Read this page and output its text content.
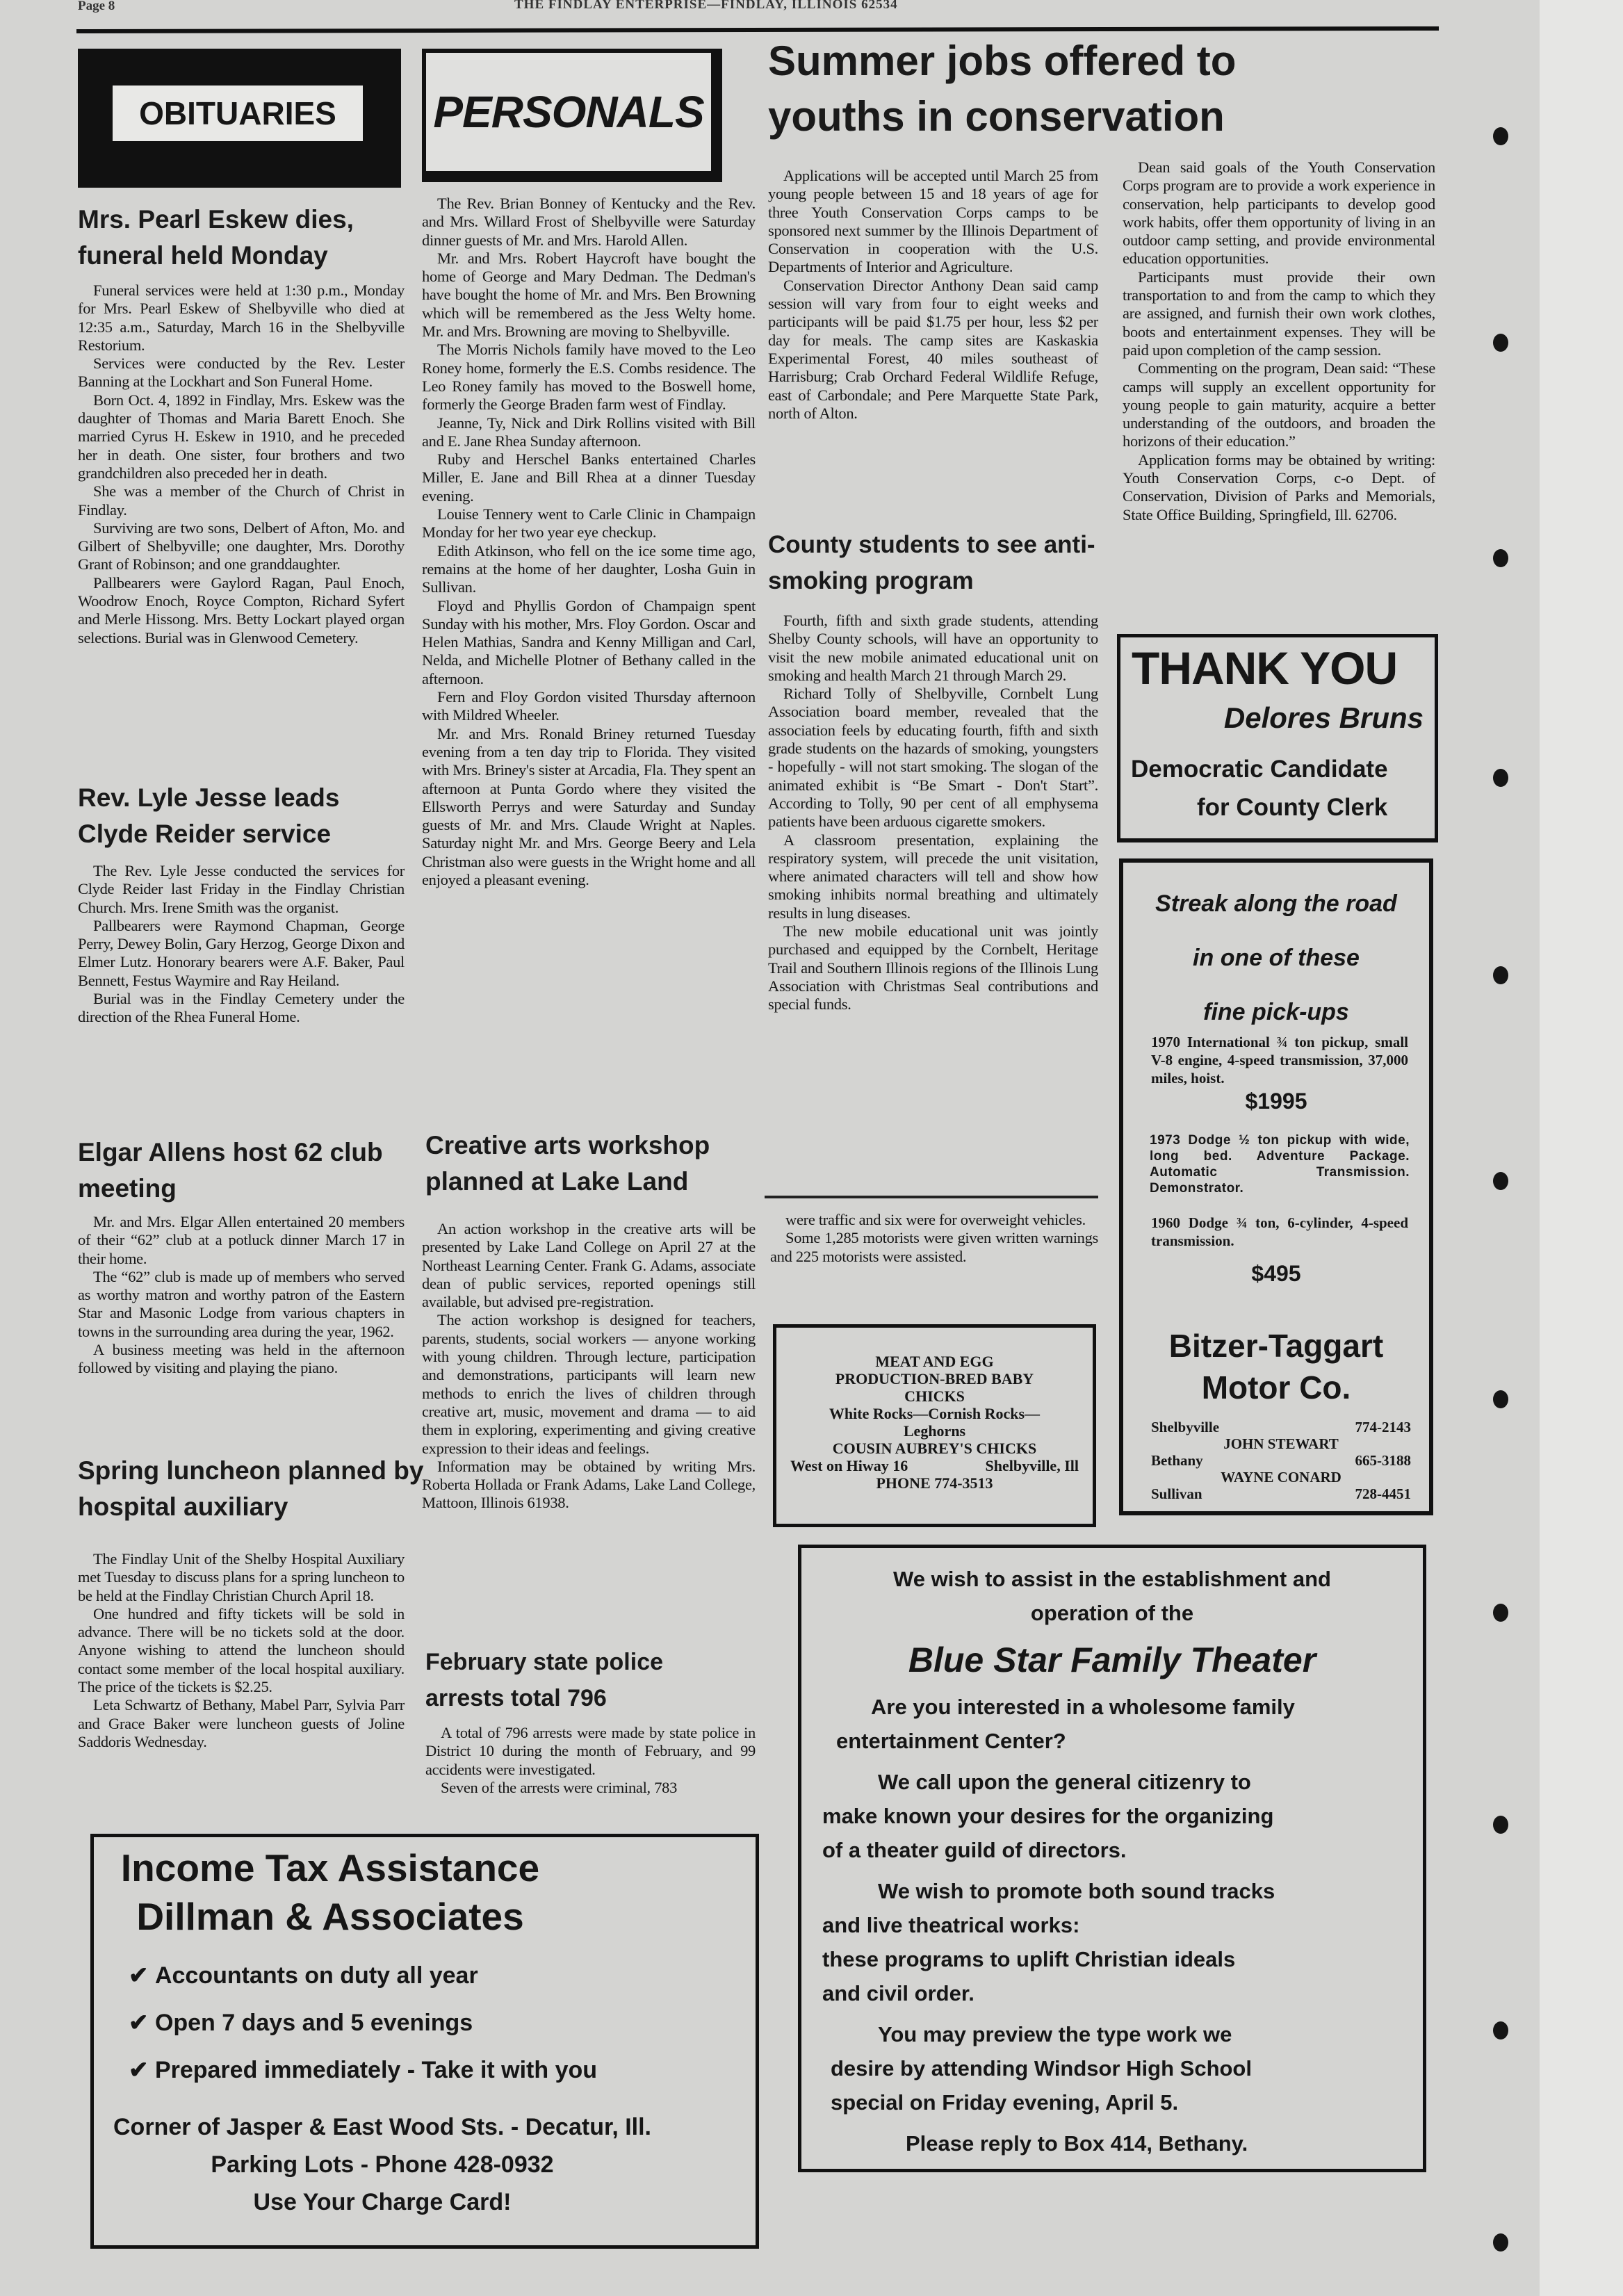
Page 8	THE FINDLAY ENTERPRISE—FINDLAY, ILLINOIS 62534
OBITUARIES	PERSONALS
Mrs. Pearl Eskew dies, funeral held Monday

Funeral services were held at 1:30 p.m., Monday for Mrs. Pearl Eskew of Shelbyville who died at 12:35 a.m., Saturday, March 16 in the Shelbyville Restorium.

Services were conducted by the Rev. Lester Banning at the Lockhart and Son Funeral Home.

Born Oct. 4, 1892 in Findlay, Mrs. Eskew was the daughter of Thomas and Maria Barett Enoch. She married Cyrus H. Eskew in 1910, and he preceded her in death. One sister, four brothers and two grandchildren also preceded her in death.

She was a member of the Church of Christ in Findlay.

Surviving are two sons, Delbert of Afton, Mo. and Gilbert of Shelbyville; one daughter, Mrs. Dorothy Grant of Robinson; and one granddaughter.

Pallbearers were Gaylord Ragan, Paul Enoch, Woodrow Enoch, Royce Compton, Richard Syfert and Merle Hissong. Mrs. Betty Lockart played organ selections. Burial was in Glenwood Cemetery.

Rev. Lyle Jesse leads Clyde Reider service

The Rev. Lyle Jesse conducted the services for Clyde Reider last Friday in the Findlay Christian Church. Mrs. Irene Smith was the organist.

Pallbearers were Raymond Chapman, George Perry, Dewey Bolin, Gary Herzog, George Dixon and Elmer Lutz. Honorary bearers were A.F. Baker, Paul Bennett, Festus Waymire and Ray Heiland.

Burial was in the Findlay Cemetery under the direction of the Rhea Funeral Home.

Elgar Allens host 62 club meeting

Mr. and Mrs. Elgar Allen entertained 20 members of their “62” club at a potluck dinner March 17 in their home.

The “62” club is made up of members who served as worthy matron and worthy patron of the Eastern Star and Masonic Lodge from various chapters in towns in the surrounding area during the year, 1962.

A business meeting was held in the afternoon followed by visiting and playing the piano.

Spring luncheon planned by hospital auxiliary

The Findlay Unit of the Shelby Hospital Auxiliary met Tuesday to discuss plans for a spring luncheon to be held at the Findlay Christian Church April 18.

One hundred and fifty tickets will be sold in advance. There will be no tickets sold at the door. Anyone wishing to attend the luncheon should contact some member of the local hospital auxiliary. The price of the tickets is $2.25.

Leta Schwartz of Bethany, Mabel Parr, Sylvia Parr and Grace Baker were luncheon guests of Joline Saddoris Wednesday.

The Rev. Brian Bonney of Kentucky and the Rev. and Mrs. Willard Frost of Shelbyville were Saturday dinner guests of Mr. and Mrs. Harold Allen.

Mr. and Mrs. Robert Haycroft have bought the home of George and Mary Dedman. The Dedman's have bought the home of Mr. and Mrs. Ben Browning which will be remembered as the Jess Welty home. Mr. and Mrs. Browning are moving to Shelbyville.

The Morris Nichols family have moved to the Leo Roney home, formerly the E.S. Combs residence. The Leo Roney family has moved to the Boswell home, formerly the George Braden farm west of Findlay.

Jeanne, Ty, Nick and Dirk Rollins visited with Bill and E. Jane Rhea Sunday afternoon.

Ruby and Herschel Banks entertained Charles Miller, E. Jane and Bill Rhea at a dinner Tuesday evening.

Louise Tennery went to Carle Clinic in Champaign Monday for her two year eye checkup.

Edith Atkinson, who fell on the ice some time ago, remains at the home of her daughter, Losha Guin in Sullivan.

Floyd and Phyllis Gordon of Champaign spent Sunday with his mother, Mrs. Floy Gordon. Oscar and Helen Mathias, Sandra and Kenny Milligan and Carl, Nelda, and Michelle Plotner of Bethany called in the afternoon.

Fern and Floy Gordon visited Thursday afternoon with Mildred Wheeler.

Mr. and Mrs. Ronald Briney returned Tuesday evening from a ten day trip to Florida. They visited with Mrs. Briney's sister at Arcadia, Fla. They spent an afternoon at Punta Gordo where they visited the Ellsworth Perrys and were Saturday and Sunday guests of Mr. and Mrs. Claude Wright at Naples. Saturday night Mr. and Mrs. George Beery and Lela Christman also were guests in the Wright home and all enjoyed a pleasant evening.

Creative arts workshop planned at Lake Land

An action workshop in the creative arts will be presented by Lake Land College on April 27 at the Northeast Learning Center. Frank G. Adams, associate dean of public services, reported openings still available, but advised pre-registration.

The action workshop is designed for teachers, parents, students, social workers — anyone working with young children. Through lecture, participation and demonstrations, participants will learn new methods to enrich the lives of children through creative art, music, movement and drama — to aid them in exploring, experimenting and giving creative expression to their ideas and feelings.

Information may be obtained by writing Mrs. Roberta Hollada or Frank Adams, Lake Land College, Mattoon, Illinois 61938.

February state police arrests total 796

A total of 796 arrests were made by state police in District 10 during the month of February, and 99 accidents were investigated.

Seven of the arrests were criminal, 783

Summer jobs offered to youths in conservation

Applications will be accepted until March 25 from young people between 15 and 18 years of age for three Youth Conservation Corps camps to be sponsored next summer by the Illinois Department of Conservation in cooperation with the U.S. Departments of Interior and Agriculture.

Conservation Director Anthony Dean said camp session will vary from four to eight weeks and participants will be paid $1.75 per hour, less $2 per day for meals. The camp sites are Kaskaskia Experimental Forest, 40 miles southeast of Harrisburg; Crab Orchard Federal Wildlife Refuge, east of Carbondale; and Pere Marquette State Park, north of Alton.

Dean said goals of the Youth Conservation Corps program are to provide a work experience in conservation, help participants to develop good work habits, offer them opportunity of living in an outdoor camp setting, and provide environmental education opportunities.

Participants must provide their own transportation to and from the camp to which they are assigned, and furnish their own work clothes, boots and entertainment expenses. They will be paid upon completion of the camp session.

Commenting on the program, Dean said: “These camps will supply an excellent opportunity for young people to gain maturity, acquire a better understanding of the outdoors, and broaden the horizons of their education.”

Application forms may be obtained by writing: Youth Conservation Corps, c-o Dept. of Conservation, Division of Parks and Memorials, State Office Building, Springfield, Ill. 62706.

County students to see anti-smoking program

Fourth, fifth and sixth grade students, attending Shelby County schools, will have an opportunity to visit the new mobile animated educational unit on smoking and health March 21 through March 29.

Richard Tolly of Shelbyville, Cornbelt Lung Association board member, revealed that the association feels by educating fourth, fifth and sixth grade students on the hazards of smoking, youngsters - hopefully - will not start smoking. The slogan of the animated exhibit is “Be Smart - Don't Start”. According to Tolly, 90 per cent of all emphysema patients have been arduous cigarette smokers.

A classroom presentation, explaining the respiratory system, will precede the unit visitation, where animated characters will tell and show how smoking inhibits normal breathing and ultimately results in lung diseases.

The new mobile educational unit was jointly purchased and equipped by the Cornbelt, Heritage Trail and Southern Illinois regions of the Illinois Lung Association with Christmas Seal contributions and special funds.

were traffic and six were for overweight vehicles.

Some 1,285 motorists were given written warnings and 225 motorists were assisted.

MEAT AND EGG
PRODUCTION-BRED BABY
CHICKS
White Rocks—Cornish Rocks—
Leghorns
COUSIN AUBREY'S CHICKS
West on Hiway 16	Shelbyville, Ill
PHONE 774-3513
THANK YOU
Delores Bruns
Democratic Candidate
for County Clerk
Streak along the road
in one of these
fine pick-ups
1970 International ¾ ton pickup, small V-8 engine, 4-speed transmission, 37,000 miles, hoist.
$1995
1973 Dodge ½ ton pickup with wide, long bed. Adventure Package. Automatic Transmission. Demonstrator.
1960 Dodge ¾ ton, 6-cylinder, 4-speed transmission.
$495
Bitzer-Taggart
Motor Co.
Shelbyville	774-2143
JOHN STEWART
Bethany	665-3188
WAYNE CONARD
Sullivan	728-4451
We wish to assist in the establishment and
operation of the
Blue Star Family Theater
Are you interested in a wholesome family
entertainment Center?
We call upon the general citizenry to
make known your desires for the organizing
of a theater guild of directors.
We wish to promote both sound tracks
and live theatrical works:
these programs to uplift Christian ideals
and civil order.
You may preview the type work we
desire by attending Windsor High School
special on Friday evening, April 5.
Please reply to Box 414, Bethany.
Income Tax Assistance
Dillman & Associates
✔ Accountants on duty all year
✔ Open 7 days and 5 evenings
✔ Prepared immediately - Take it with you
Corner of Jasper & East Wood Sts. - Decatur, Ill.
Parking Lots - Phone 428-0932
Use Your Charge Card!
